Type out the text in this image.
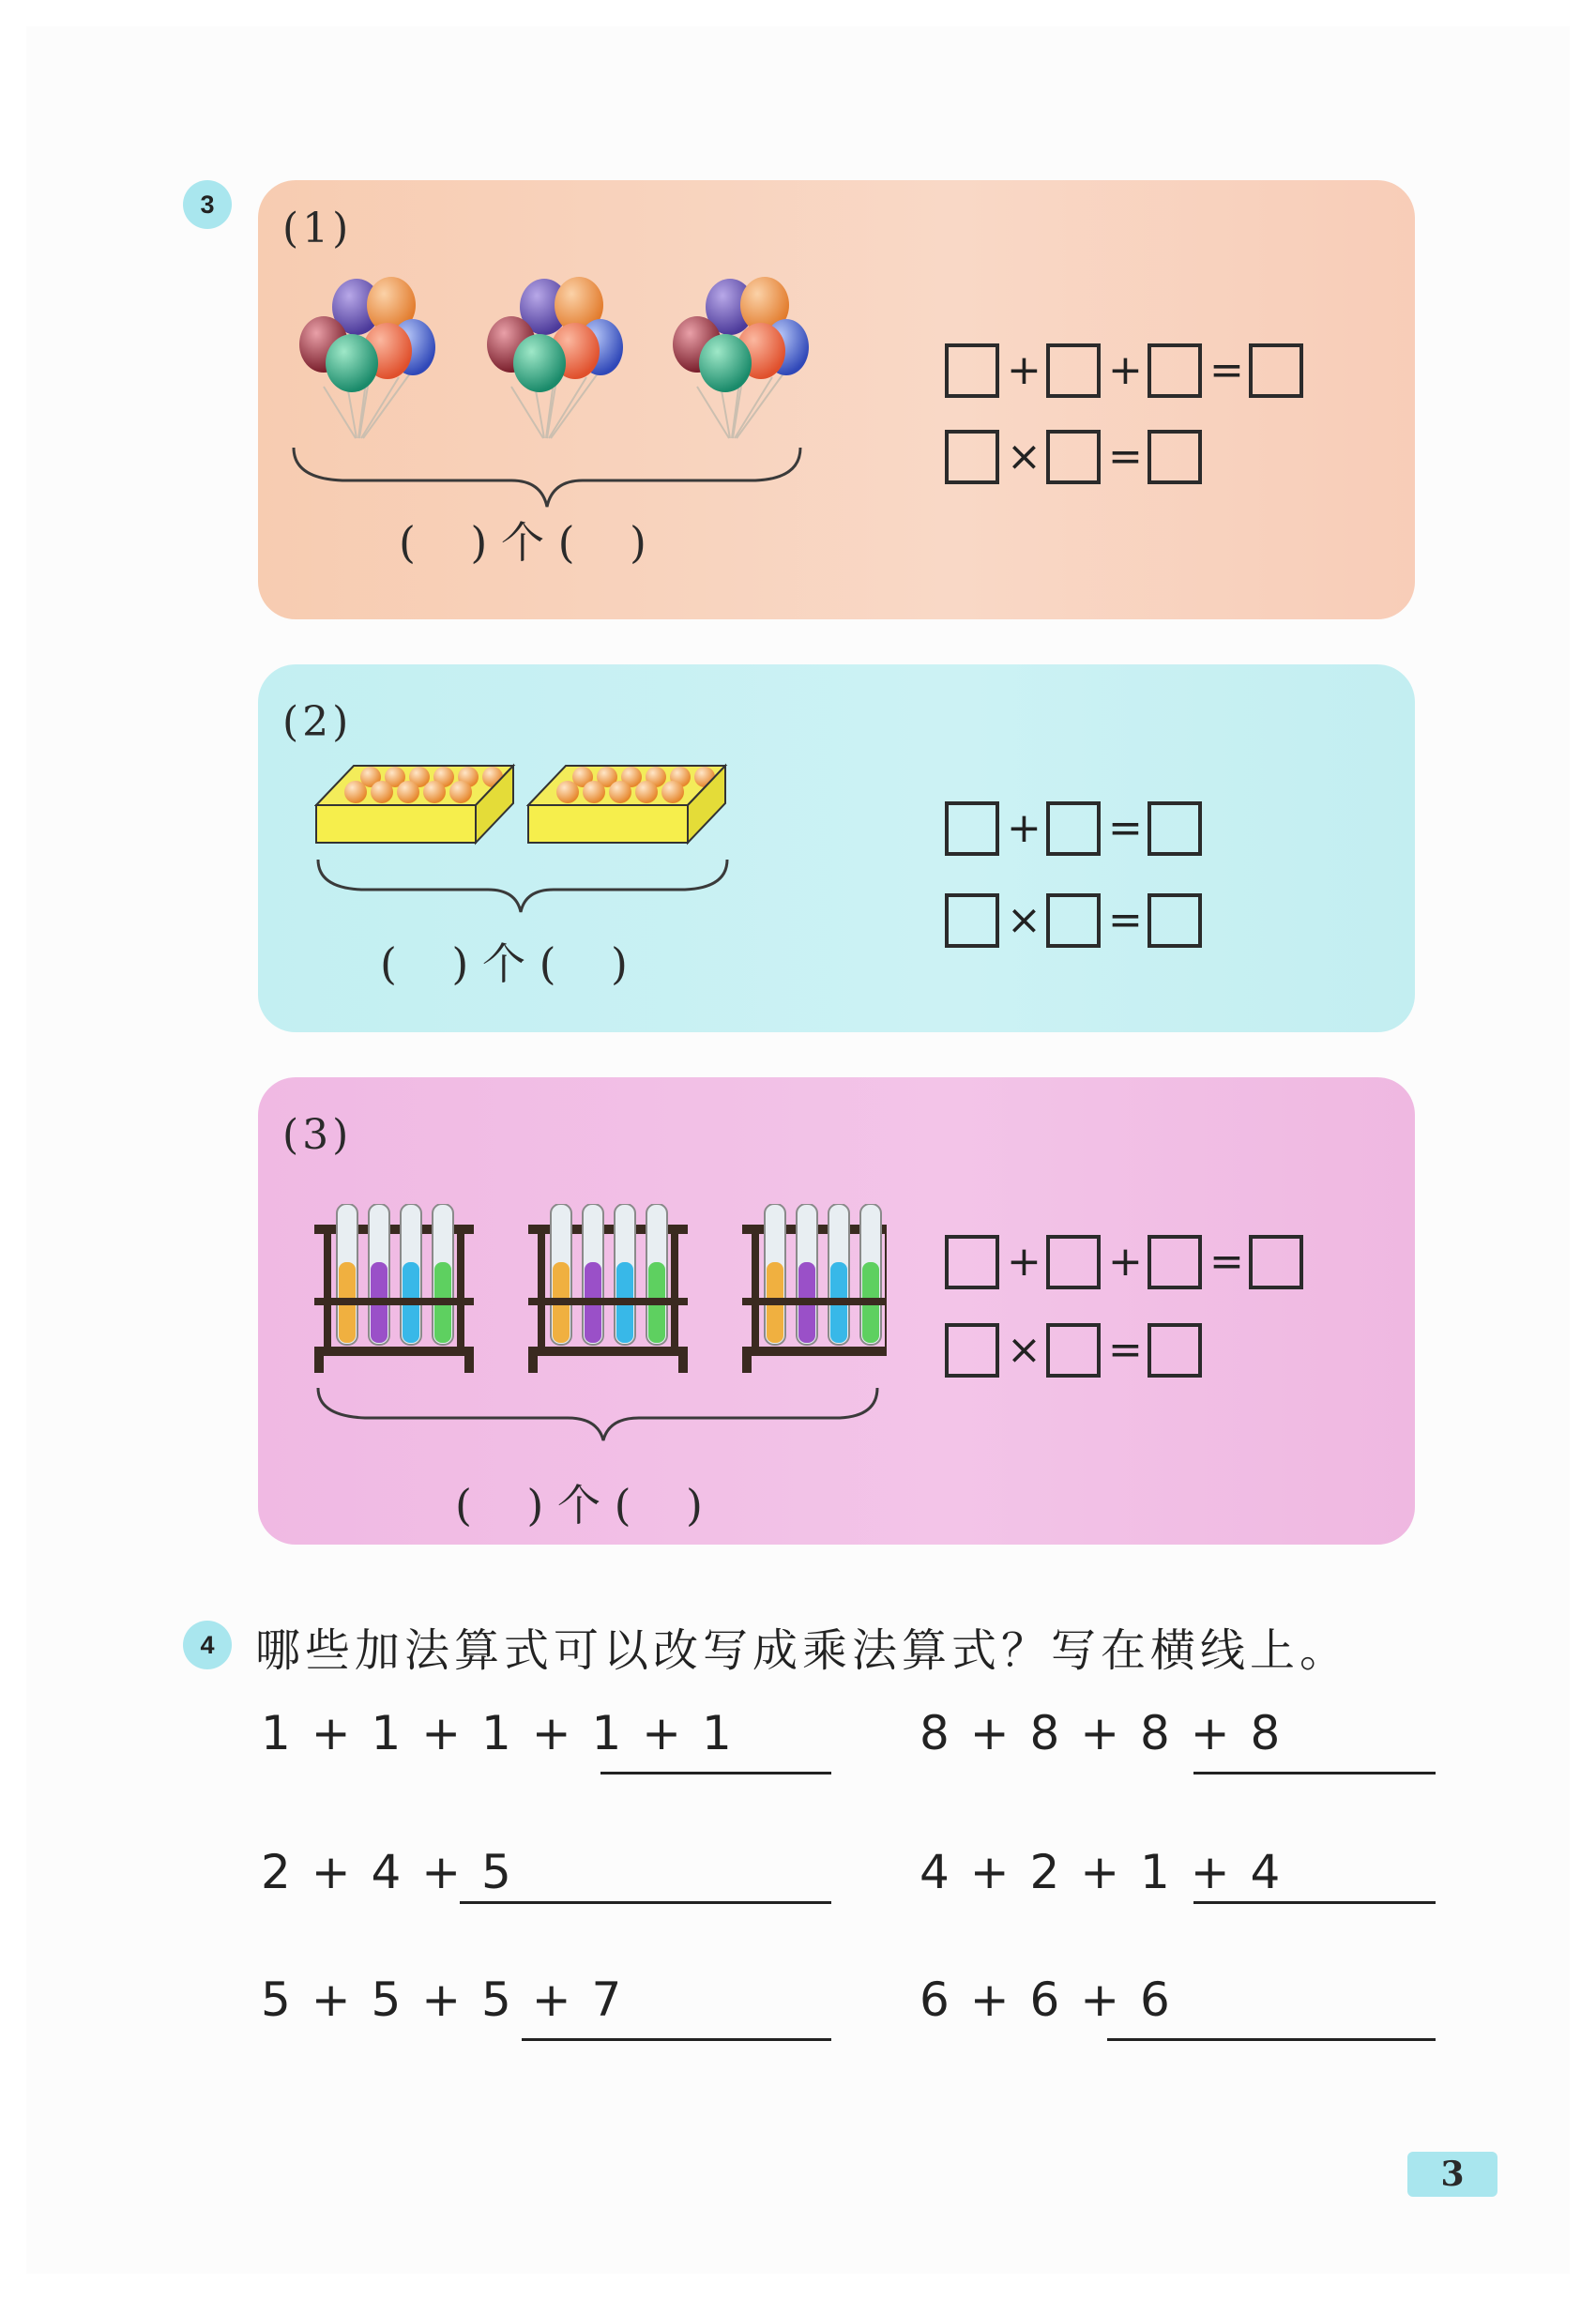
3
(1)
(    ) 个 (    )
+ + =
× =
(2)
(    ) 个 (    )
+ =
× =
(3)
(    ) 个 (    )
+ + =
× =
4 哪些加法算式可以改写成乘法算式？写在横线上。
1 + 1 + 1 + 1 + 1	8 + 8 + 8 + 8
2 + 4 + 5	4 + 2 + 1 + 4
5 + 5 + 5 + 7	6 + 6 + 6
3
